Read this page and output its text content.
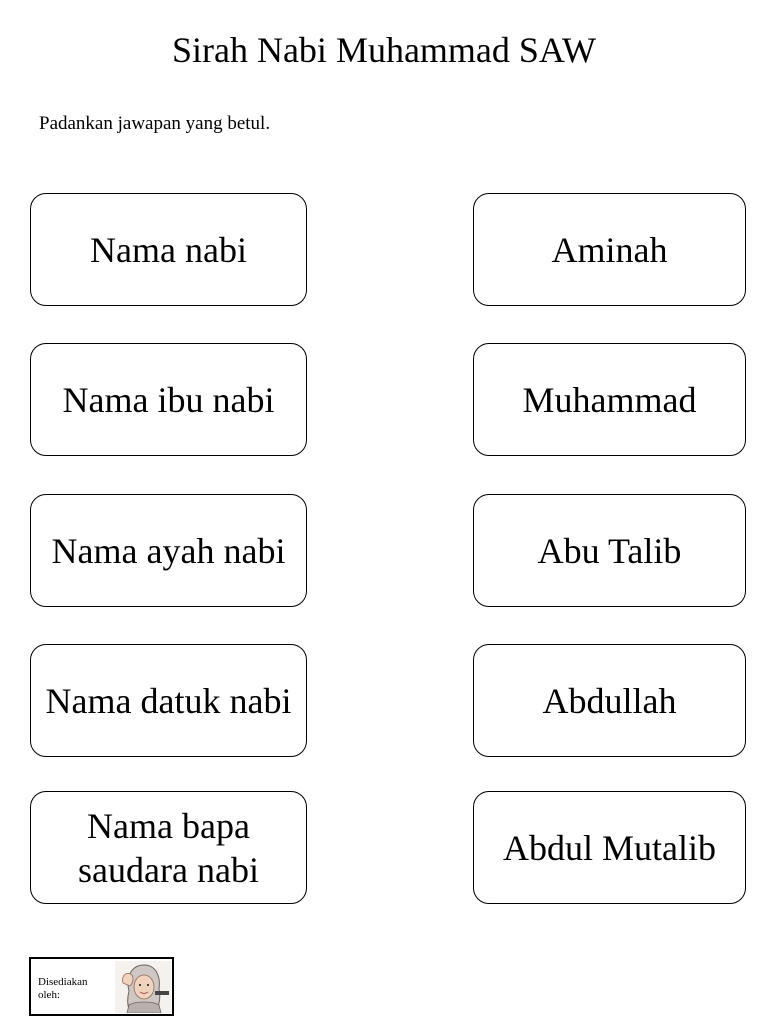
Sirah Nabi Muhammad SAW

Padankan jawapan yang betul.

Nama nabi
Nama ibu nabi
Nama ayah nabi
Nama datuk nabi
Nama bapa saudara nabi
Aminah
Muhammad
Abu Talib
Abdullah
Abdul Mutalib
Disediakan oleh:
